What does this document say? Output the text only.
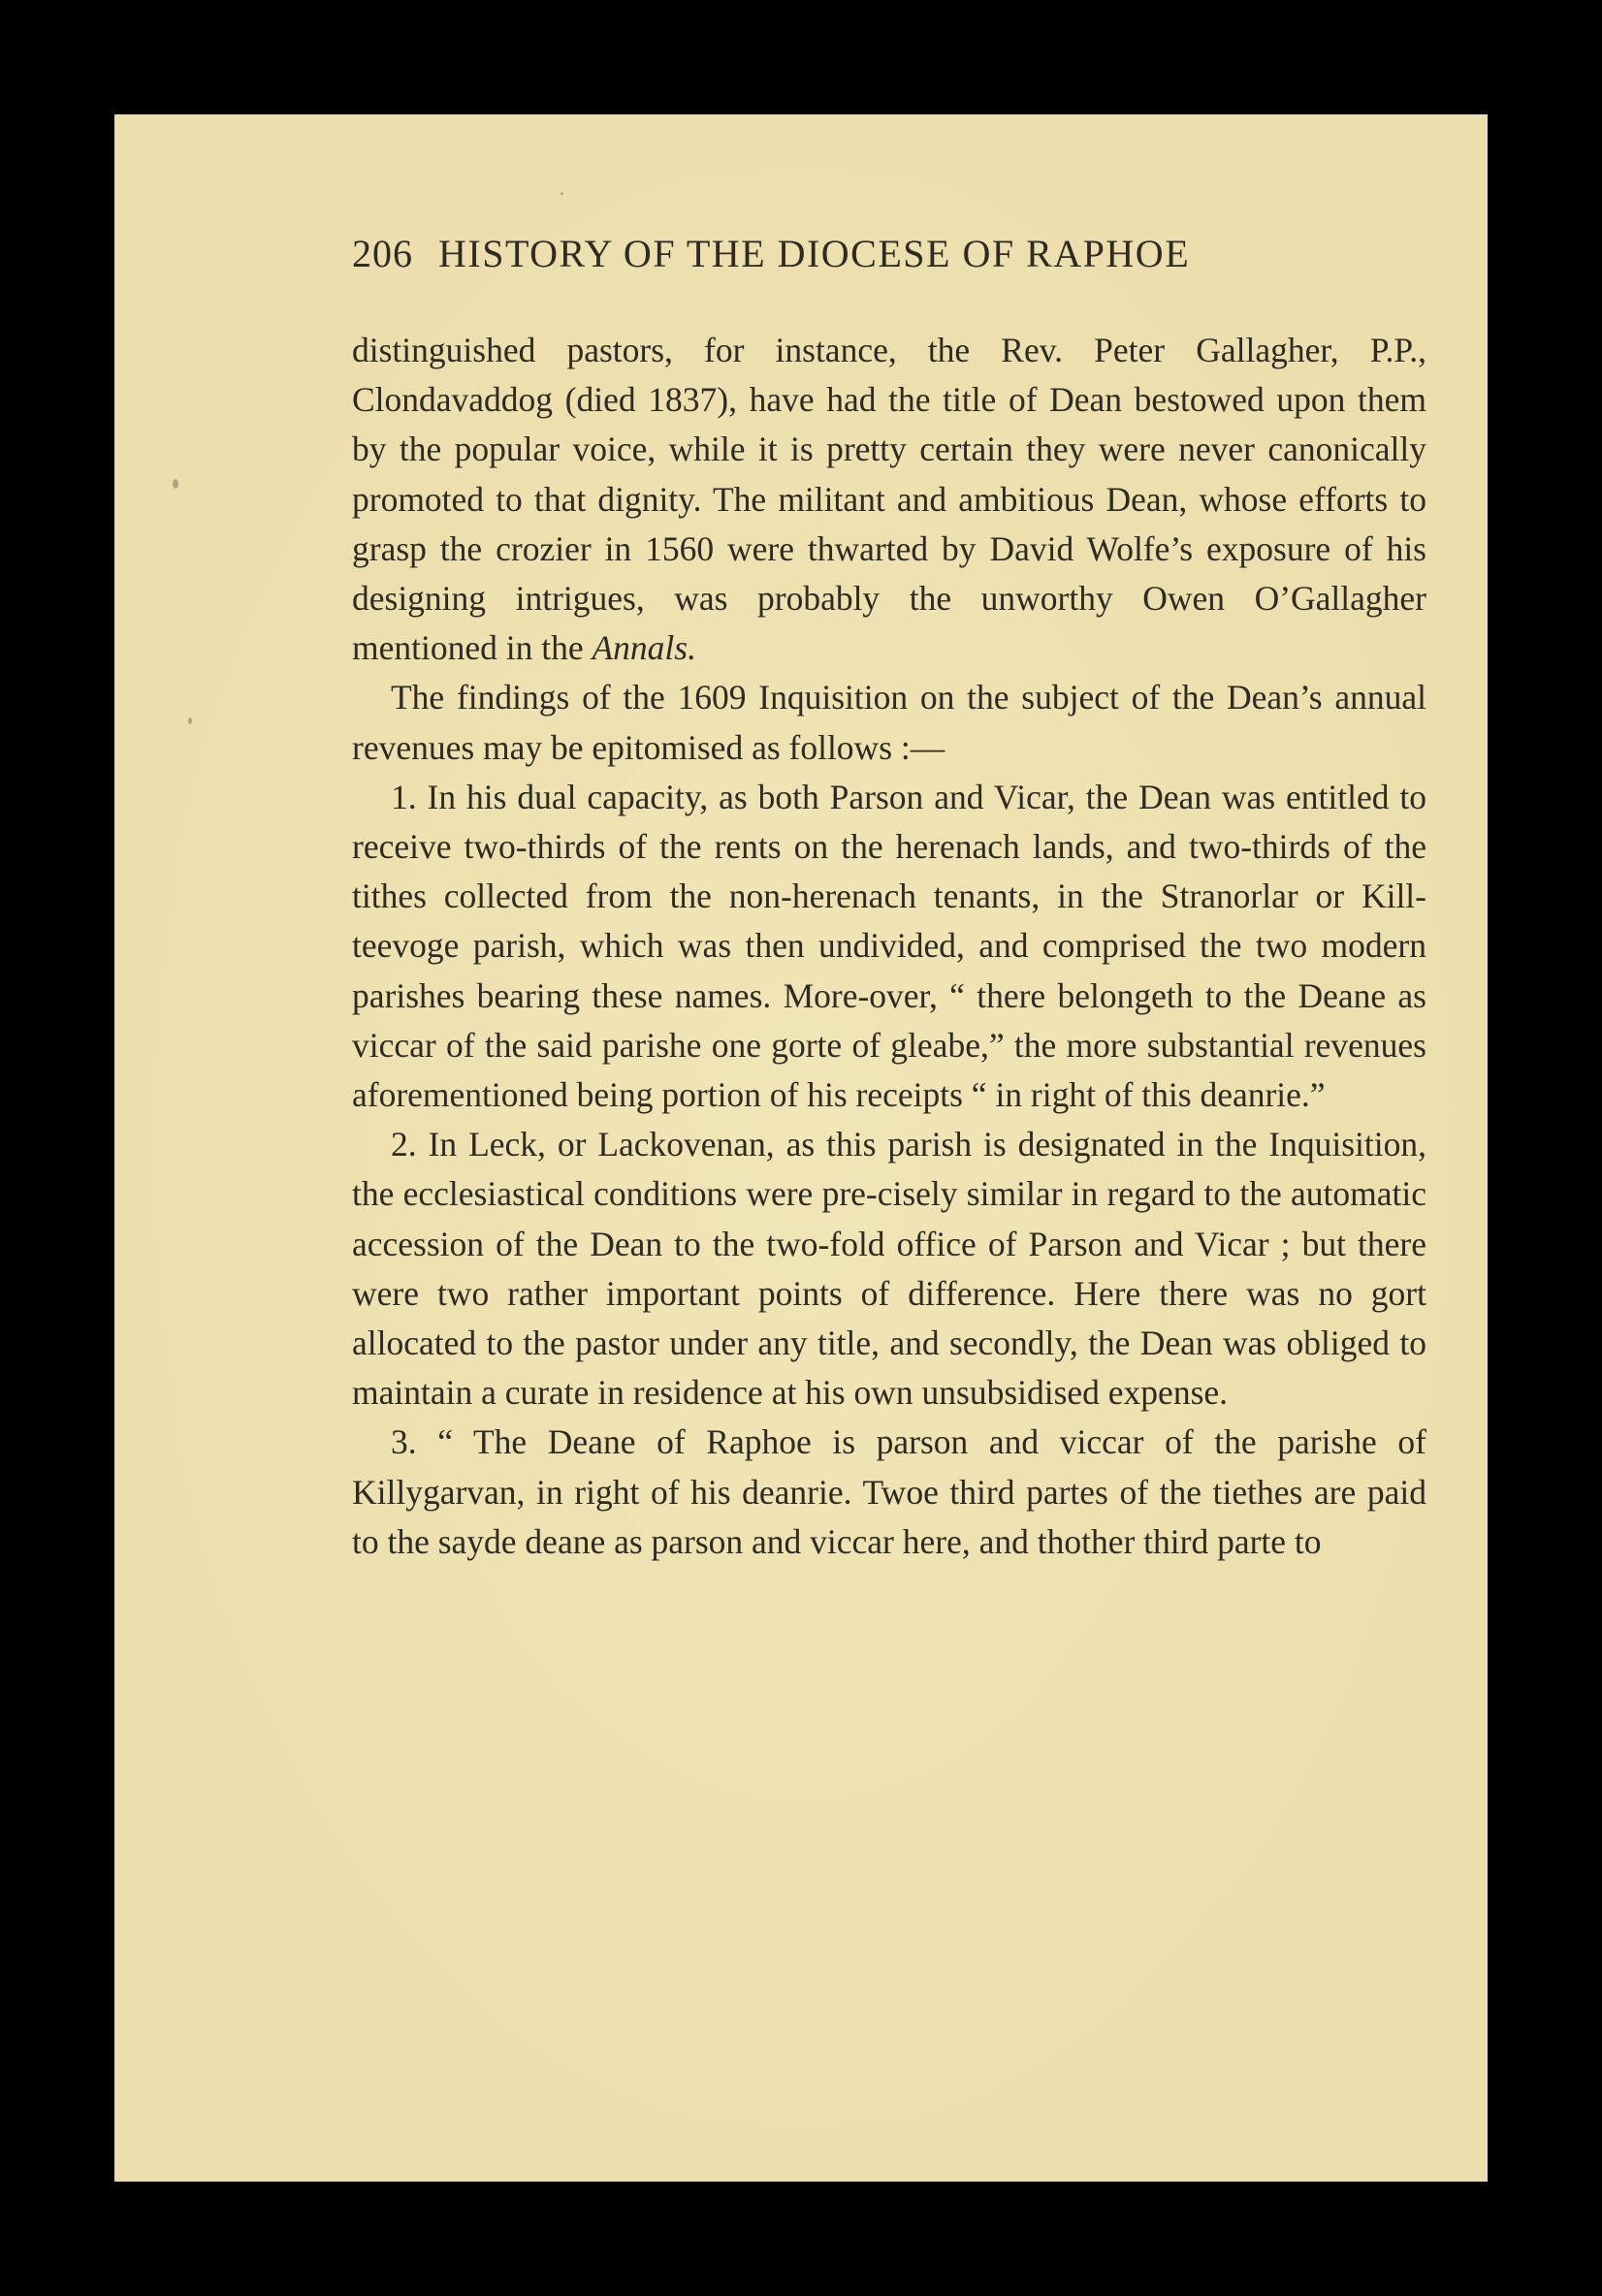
206 HISTORY OF THE DIOCESE OF RAPHOE

distinguished pastors, for instance, the Rev. Peter Gallagher, P.P., Clondavaddog (died 1837), have had the title of Dean bestowed upon them by the popular voice, while it is pretty certain they were never canonically promoted to that dignity. The militant and ambitious Dean, whose efforts to grasp the crozier in 1560 were thwarted by David Wolfe’s exposure of his designing intrigues, was probably the unworthy Owen O’Gallagher mentioned in the Annals.

The findings of the 1609 Inquisition on the subject of the Dean’s annual revenues may be epitomised as follows :—

1. In his dual capacity, as both Parson and Vicar, the Dean was entitled to receive two-thirds of the rents on the herenach lands, and two-thirds of the tithes collected from the non-herenach tenants, in the Stranorlar or Kill-teevoge parish, which was then undivided, and comprised the two modern parishes bearing these names. More-over, “ there belongeth to the Deane as viccar of the said parishe one gorte of gleabe,” the more substantial revenues aforementioned being portion of his receipts “ in right of this deanrie.”

2. In Leck, or Lackovenan, as this parish is designated in the Inquisition, the ecclesiastical conditions were pre-cisely similar in regard to the automatic accession of the Dean to the two-fold office of Parson and Vicar ; but there were two rather important points of difference. Here there was no gort allocated to the pastor under any title, and secondly, the Dean was obliged to maintain a curate in residence at his own unsubsidised expense.

3. “ The Deane of Raphoe is parson and viccar of the parishe of Killygarvan, in right of his deanrie. Twoe third partes of the tiethes are paid to the sayde deane as parson and viccar here, and thother third parte to
